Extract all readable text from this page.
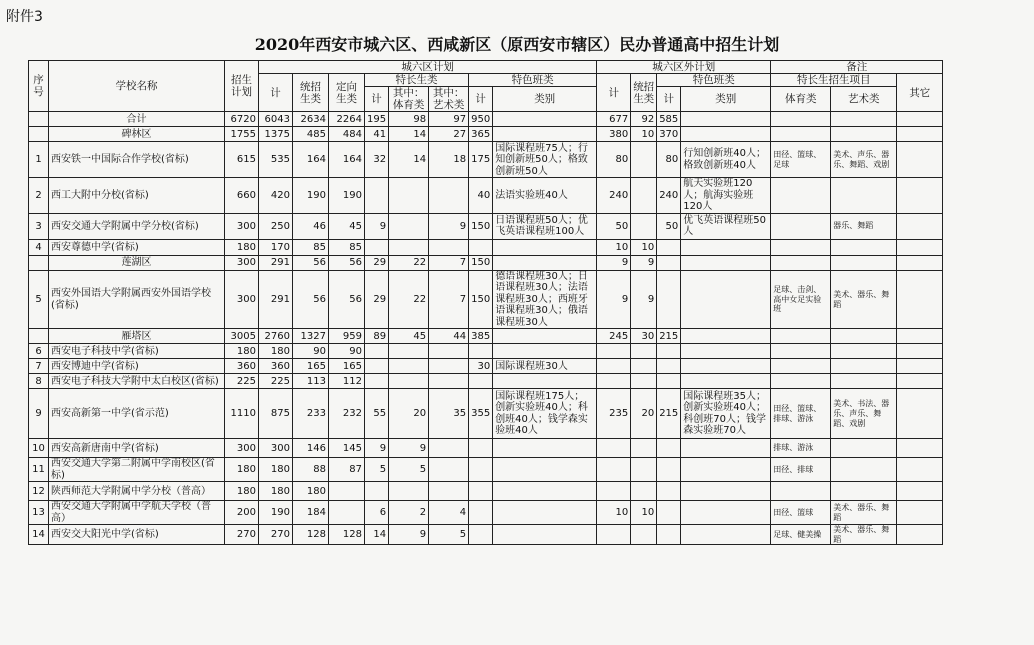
附件3
2020年西安市城六区、西咸新区（原西安市辖区）民办普通高中招生计划
序号	学校名称	招生计划	城六区计划								城六区外计划				备注		
			计	统招生类	定向生类	特长生类			特色班类		计	统招生类	特色班类		特长生招生项目		其它
						计	其中：体育类	其中：艺术类	计	类别			计	类别	体育类	艺术类	
	合计	6720	6043	2634	2264	195	98	97	950		677	92	585				
	碑林区	1755	1375	485	484	41	14	27	365		380	10	370				
1	西安铁一中国际合作学校(省标)	615	535	164	164	32	14	18	175	国际课程班75人；行知创新班50人；格致创新班50人	80		80	行知创新班40人；格致创新班40人	田径、篮球、足球	美术、声乐、器乐、舞蹈、戏剧	
2	西工大附中分校(省标)	660	420	190	190				40	法语实验班40人	240		240	航天实验班120人；航海实验班120人			
3	西安交通大学附属中学分校(省标)	300	250	46	45	9		9	150	日语课程班50人；优飞英语课程班100人	50		50	优飞英语课程班50人		器乐、舞蹈	
4	西安尊德中学(省标)	180	170	85	85						10	10					
	莲湖区	300	291	56	56	29	22	7	150		9	9					
5	西安外国语大学附属西安外国语学校(省标)	300	291	56	56	29	22	7	150	德语课程班30人；日语课程班30人；法语课程班30人；西班牙语课程班30人；俄语课程班30人	9	9			足球、击剑、高中女足实验班	美术、器乐、舞蹈	
	雁塔区	3005	2760	1327	959	89	45	44	385		245	30	215				
6	西安电子科技中学(省标)	180	180	90	90												
7	西安博迪中学(省标)	360	360	165	165				30	国际课程班30人							
8	西安电子科技大学附中太白校区(省标)	225	225	113	112												
9	西安高新第一中学(省示范)	1110	875	233	232	55	20	35	355	国际课程班175人；创新实验班40人；科创班40人；钱学森实验班40人	235	20	215	国际课程班35人；创新实验班40人；科创班70人；钱学森实验班70人	田径、篮球、排球、游泳	美术、书法、器乐、声乐、舞蹈、戏剧	
10	西安高新唐南中学(省标)	300	300	146	145	9	9								排球、游泳		
11	西安交通大学第二附属中学南校区(省标)	180	180	88	87	5	5								田径、排球		
12	陕西师范大学附属中学分校（普高）	180	180	180													
13	西安交通大学附属中学航天学校（普高）	200	190	184		6	2	4			10	10			田径、篮球	美术、器乐、舞蹈	
14	西安交大阳光中学(省标)	270	270	128	128	14	9	5							足球、健美操	美术、器乐、舞蹈	
